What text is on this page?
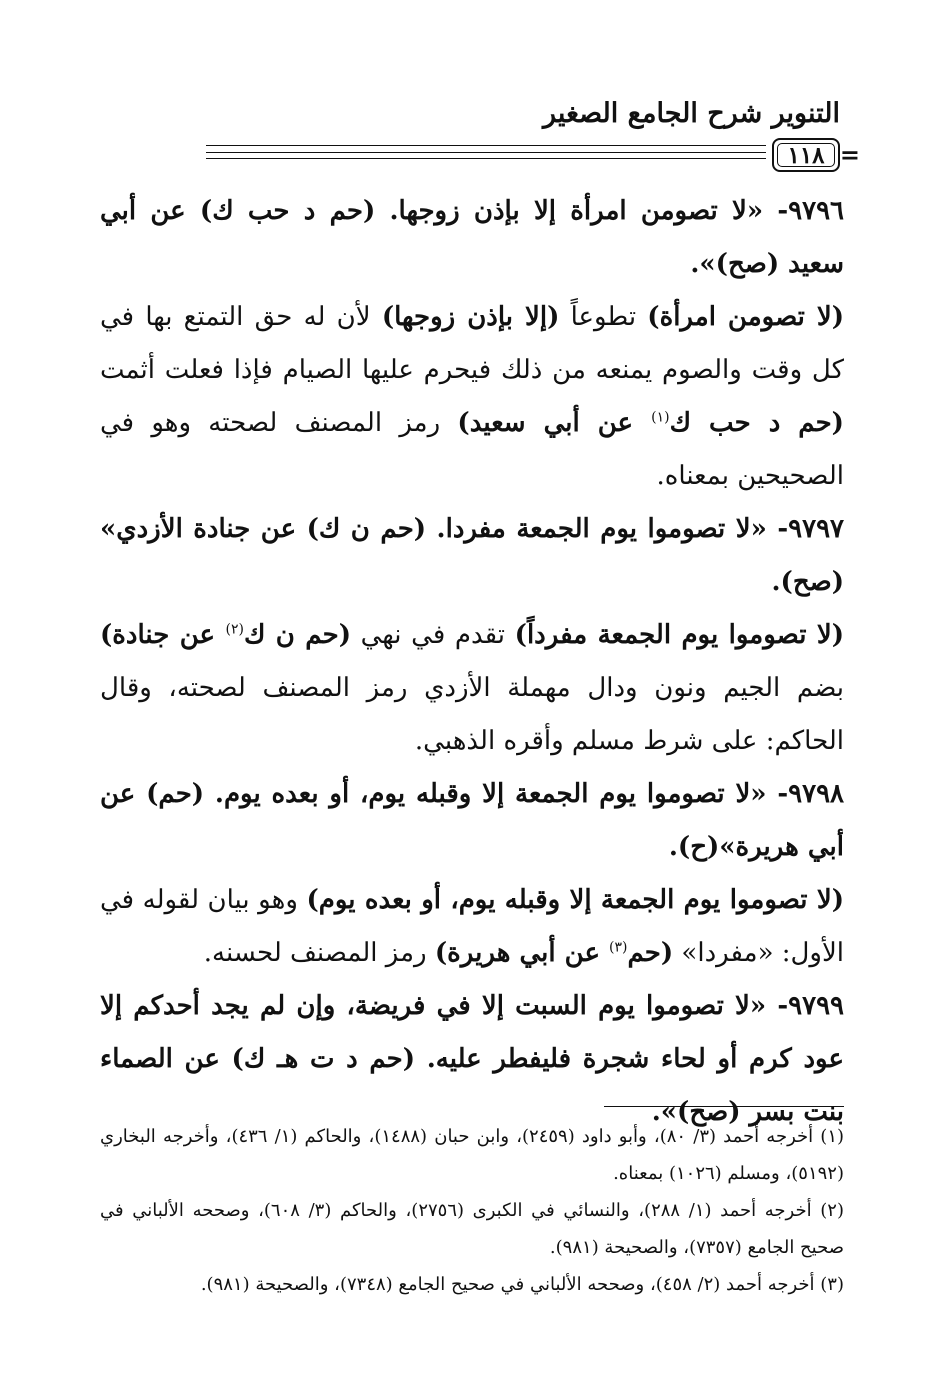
التنوير شرح الجامع الصغير
١١٨ =

٩٧٩٦- «لا تصومن امرأة إلا بإذن زوجها. (حم د حب ك) عن أبي سعيد (صح)».

(لا تصومن امرأة) تطوعاً (إلا بإذن زوجها) لأن له حق التمتع بها في كل وقت والصوم يمنعه من ذلك فيحرم عليها الصيام فإذا فعلت أثمت (حم د حب ك$^{(١)}$ عن أبي سعيد) رمز المصنف لصحته وهو في الصحيحين بمعناه.

٩٧٩٧- «لا تصوموا يوم الجمعة مفردا. (حم ن ك) عن جنادة الأزدي» (صح).

(لا تصوموا يوم الجمعة مفرداً) تقدم في نهي (حم ن ك$^{(٢)}$ عن جنادة) بضم الجيم ونون ودال مهملة الأزدي رمز المصنف لصحته، وقال الحاكم: على شرط مسلم وأقره الذهبي.

٩٧٩٨- «لا تصوموا يوم الجمعة إلا وقبله يوم، أو بعده يوم. (حم) عن أبي هريرة»(ح).

(لا تصوموا يوم الجمعة إلا وقبله يوم، أو بعده يوم) وهو بيان لقوله في الأول: «مفردا» (حم$^{(٣)}$ عن أبي هريرة) رمز المصنف لحسنه.

٩٧٩٩- «لا تصوموا يوم السبت إلا في فريضة، وإن لم يجد أحدكم إلا عود كرم أو لحاء شجرة فليفطر عليه. (حم د ت هـ ك) عن الصماء بنت بسر (صح)».

(١) أخرجه أحمد (٣/ ٨٠)، وأبو داود (٢٤٥٩)، وابن حبان (١٤٨٨)، والحاكم (١/ ٤٣٦)، وأخرجه البخاري (٥١٩٢)، ومسلم (١٠٢٦) بمعناه.

(٢) أخرجه أحمد (١/ ٢٨٨)، والنسائي في الكبرى (٢٧٥٦)، والحاكم (٣/ ٦٠٨)، وصححه الألباني في صحيح الجامع (٧٣٥٧)، والصحيحة (٩٨١).

(٣) أخرجه أحمد (٢/ ٤٥٨)، وصححه الألباني في صحيح الجامع (٧٣٤٨)، والصحيحة (٩٨١).
